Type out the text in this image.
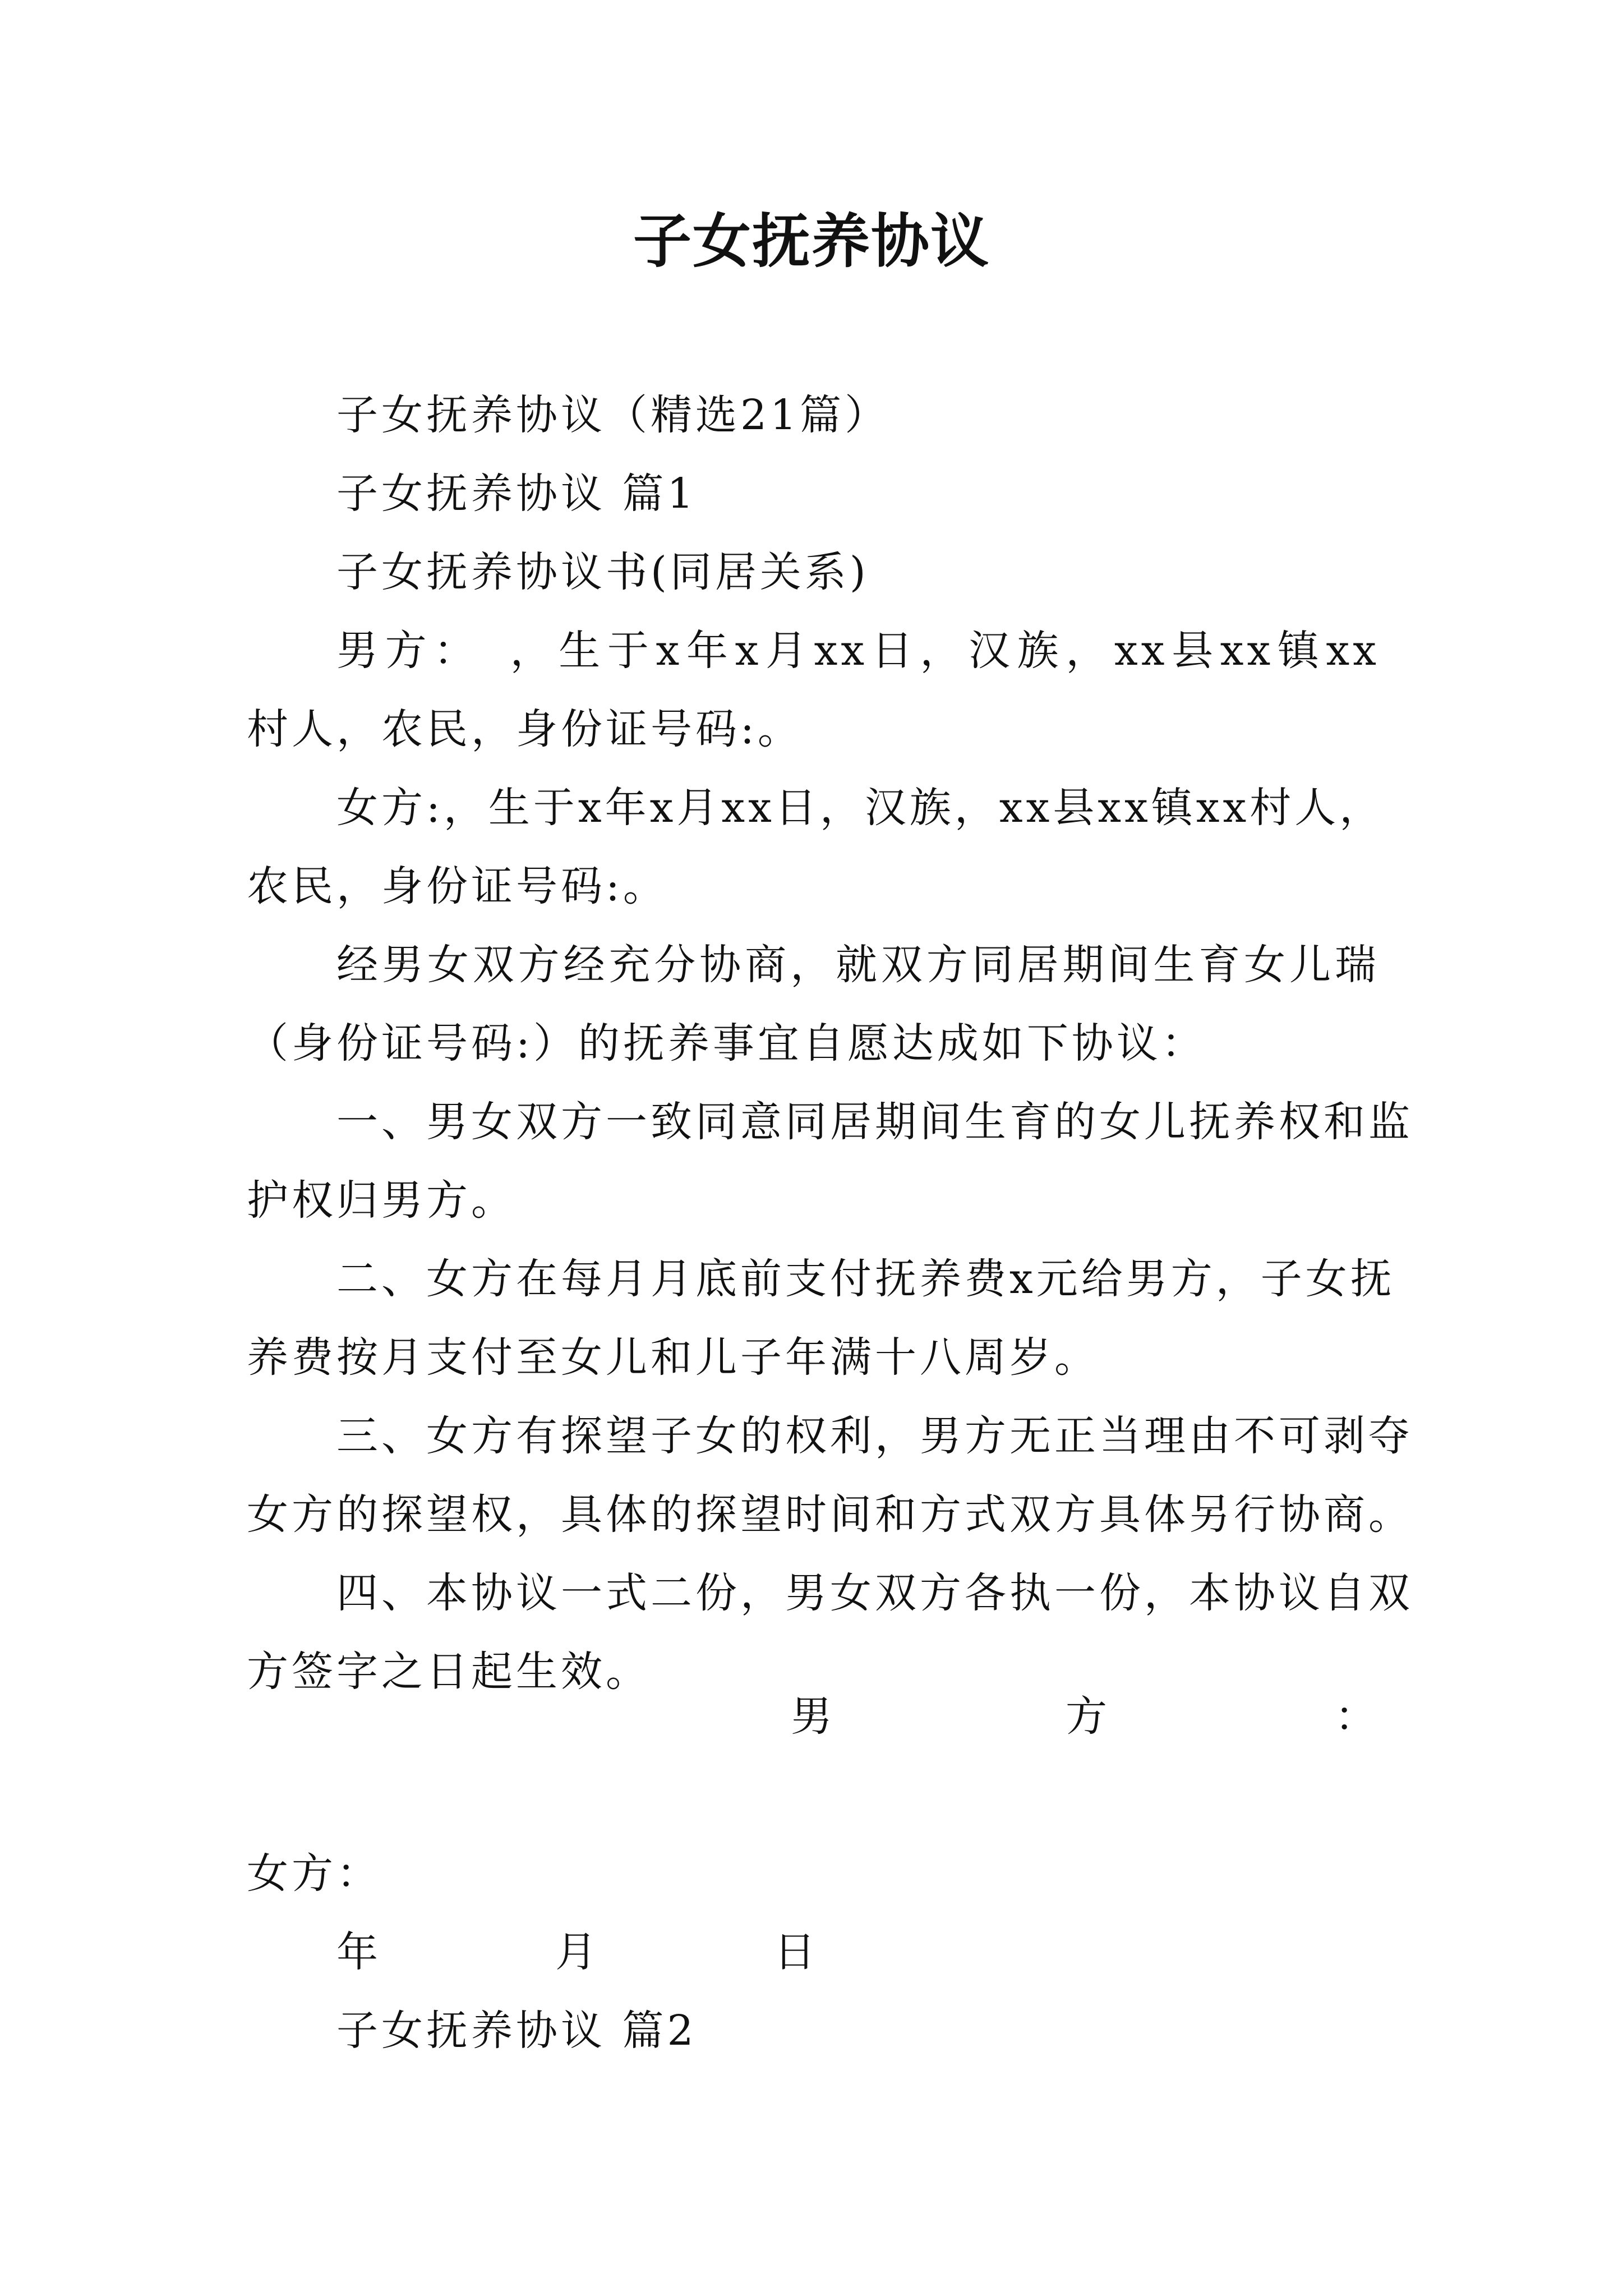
子女抚养协议
子女抚养协议（精选21篇）
子女抚养协议 篇1
子女抚养协议书(同居关系)
男方：　，生于x年x月xx日，汉族，xx县xx镇xx
村人，农民，身份证号码:。
女方:，生于x年x月xx日，汉族，xx县xx镇xx村人，
农民，身份证号码:。
经男女双方经充分协商，就双方同居期间生育女儿瑞
（身份证号码:）的抚养事宜自愿达成如下协议：
一、男女双方一致同意同居期间生育的女儿抚养权和监
护权归男方。
二、女方在每月月底前支付抚养费x元给男方，子女抚
养费按月支付至女儿和儿子年满十八周岁。
三、女方有探望子女的权利，男方无正当理由不可剥夺
女方的探望权，具体的探望时间和方式双方具体另行协商。
四、本协议一式二份，男女双方各执一份，本协议自双
方签字之日起生效。
男	方	：
女方：
年	月	日
子女抚养协议 篇2
